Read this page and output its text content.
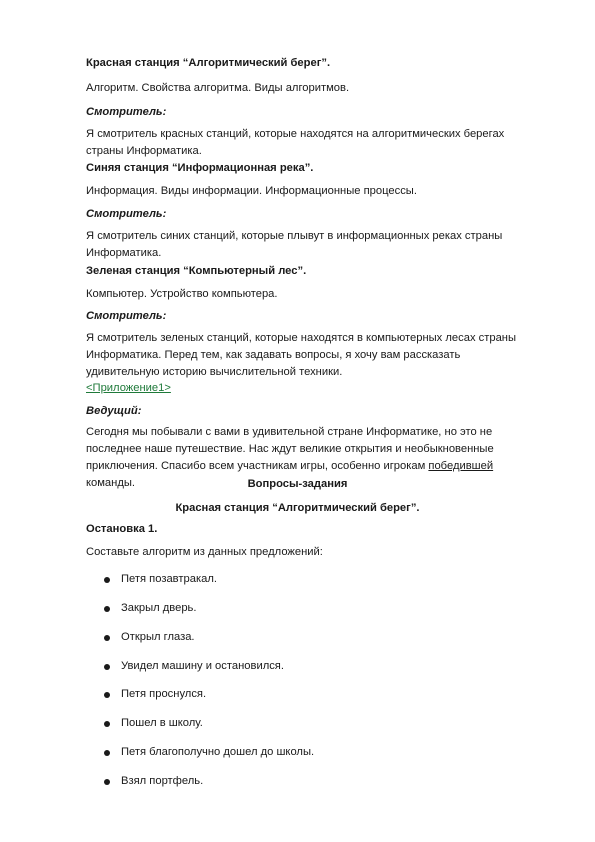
Красная станция “Алгоритмический берег”.

Алгоритм. Свойства алгоритма. Виды алгоритмов.

Смотритель:

Я смотритель красных станций, которые находятся на алгоритмических берегах страны Информатика.

Синяя станция “Информационная река”.

Информация. Виды информации. Информационные процессы.

Смотритель:

Я смотритель синих станций, которые плывут в информационных реках страны Информатика.

Зеленая станция “Компьютерный лес”.

Компьютер. Устройство компьютера.

Смотритель:

Я смотритель зеленых станций, которые находятся в компьютерных лесах страны Информатика. Перед тем, как задавать вопросы, я хочу вам рассказать удивительную историю вычислительной техники.

<Приложение1>

Ведущий:

Сегодня мы побывали с вами в удивительной стране Информатике, но это не последнее наше путешествие. Нас ждут великие открытия и необыкновенные приключения. Спасибо всем участникам игры, особенно игрокам победившей команды.	Вопросы-задания

Красная станция “Алгоритмический берег”.

Остановка 1.

Составьте алгоритм из данных предложений:

Петя позавтракал.
Закрыл дверь.
Открыл глаза.
Увидел машину и остановился.
Петя проснулся.
Пошел в школу.
Петя благополучно дошел до школы.
Взял портфель.
